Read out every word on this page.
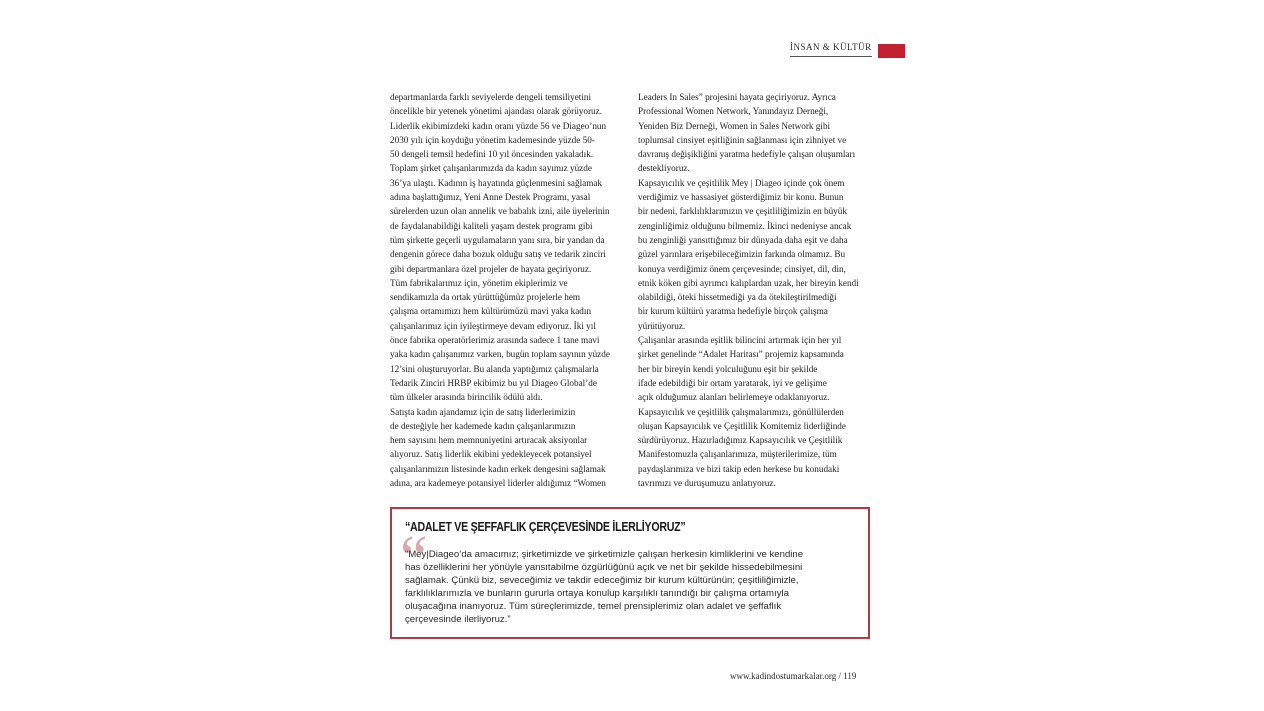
İNSAN & KÜLTÜR

departmanlarda farklı seviyelerde dengeli temsiliyetini

öncelikle bir yetenek yönetimi ajandası olarak görüyoruz.

Liderlik ekibimizdeki kadın oranı yüzde 56 ve Diageo’nun

2030 yılı için koyduğu yönetim kademesinde yüzde 50-

50 dengeli temsil hedefini 10 yıl öncesinden yakaladık.

Toplam şirket çalışanlarımızda da kadın sayımız yüzde

36’ya ulaştı. Kadının iş hayatında güçlenmesini sağlamak

adına başlattığımız, Yeni Anne Destek Programı, yasal

sürelerden uzun olan annelik ve babalık izni, aile üyelerinin

de faydalanabildiği kaliteli yaşam destek programı gibi

tüm şirkette geçerli uygulamaların yanı sıra, bir yandan da

dengenin görece daha bozuk olduğu satış ve tedarik zinciri

gibi departmanlara özel projeler de hayata geçiriyoruz.

Tüm fabrikalarımız için, yönetim ekiplerimiz ve

sendikamızla da ortak yürüttüğümüz projelerle hem

çalışma ortamımızı hem kültürümüzü mavi yaka kadın

çalışanlarımız için iyileştirmeye devam ediyoruz. İki yıl

önce fabrika operatörlerimiz arasında sadece 1 tane mavi

yaka kadın çalışanımız varken, bugün toplam sayının yüzde

12’sini oluşturuyorlar. Bu alanda yaptığımız çalışmalarla

Tedarik Zinciri HRBP ekibimiz bu yıl Diageo Global’de

tüm ülkeler arasında birincilik ödülü aldı.

Satışta kadın ajandamız için de satış liderlerimizin

de desteğiyle her kademede kadın çalışanlarımızın

hem sayısını hem memnuniyetini artıracak aksiyonlar

alıyoruz. Satış liderlik ekibini yedekleyecek potansiyel

çalışanlarımızın listesinde kadın erkek dengesini sağlamak

adına, ara kademeye potansiyel liderler aldığımız “Women

Leaders In Sales” projesini hayata geçiriyoruz. Ayrıca

Professional Women Network, Yanındayız Derneği,

Yeniden Biz Derneği, Women in Sales Network gibi

toplumsal cinsiyet eşitliğinin sağlanması için zihniyet ve

davranış değişikliğini yaratma hedefiyle çalışan oluşumları

destekliyoruz.

Kapsayıcılık ve çeşitlilik Mey | Diageo içinde çok önem

verdiğimiz ve hassasiyet gösterdiğimiz bir konu. Bunun

bir nedeni, farklılıklarımızın ve çeşitliliğimizin en büyük

zenginliğimiz olduğunu bilmemiz. İkinci nedeniyse ancak

bu zenginliği yansıttığımız bir dünyada daha eşit ve daha

güzel yarınlara erişebileceğimizin farkında olmamız. Bu

konuya verdiğimiz önem çerçevesinde; cinsiyet, dil, din,

etnik köken gibi ayrımcı kalıplardan uzak, her bireyin kendi

olabildiği, öteki hissetmediği ya da ötekileştirilmediği

bir kurum kültürü yaratma hedefiyle birçok çalışma

yürütüyoruz.

Çalışanlar arasında eşitlik bilincini artırmak için her yıl

şirket genelinde “Adalet Haritası” projemiz kapsamında

her bir bireyin kendi yolculuğunu eşit bir şekilde

ifade edebildiği bir ortam yaratarak, iyi ve gelişime

açık olduğumuz alanları belirlemeye odaklanıyoruz.

Kapsayıcılık ve çeşitlilik çalışmalarımızı, gönüllülerden

oluşan Kapsayıcılık ve Çeşitlilik Komitemiz liderliğinde

sürdürüyoruz. Hazırladığımız Kapsayıcılık ve Çeşitlilik

Manifestomuzla çalışanlarımıza, müşterilerimize, tüm

paydaşlarımıza ve bizi takip eden herkese bu konudaki

tavrımızı ve duruşumuzu anlatıyoruz.

“
“ADALET VE ŞEFFAFLIK ÇERÇEVESİNDE İLERLİYORUZ”
“Mey|Diageo’da amacımız; şirketimizde ve şirketimizle çalışan herkesin kimliklerini ve kendine
has özelliklerini her yönüyle yansıtabilme özgürlüğünü açık ve net bir şekilde hissedebilmesini
sağlamak. Çünkü biz, seveceğimiz ve takdir edeceğimiz bir kurum kültürünün; çeşitliliğimizle,
farklılıklarımızla ve bunların gururla ortaya konulup karşılıklı tanındığı bir çalışma ortamıyla
oluşacağına inanıyoruz. Tüm süreçlerimizde, temel prensiplerimiz olan adalet ve şeffaflık
çerçevesinde ilerliyoruz.”
www.kadindostumarkalar.org / 119
